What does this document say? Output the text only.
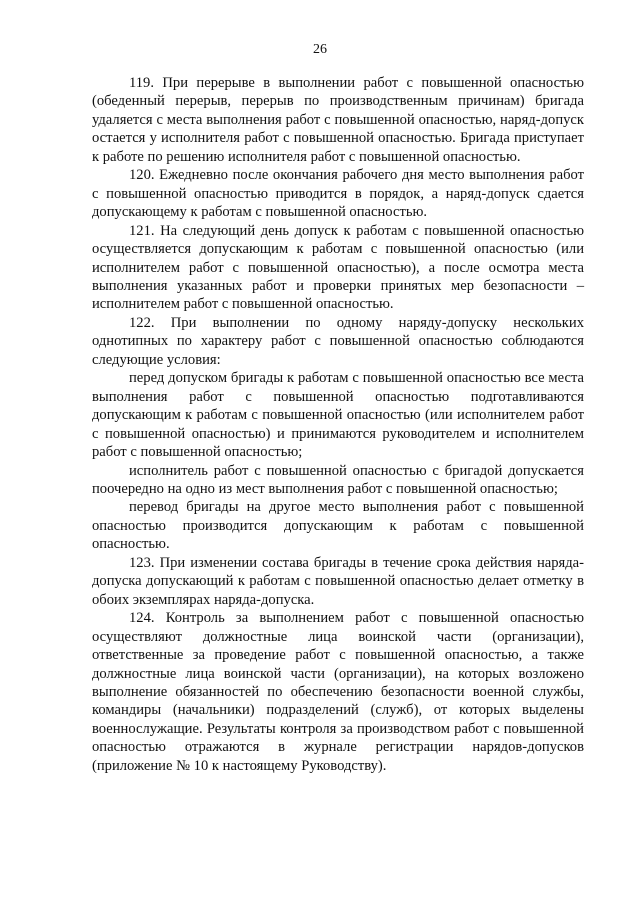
26

119. При перерыве в выполнении работ с повышенной опасностью (обеденный перерыв, перерыв по производственным причинам) бригада удаляется с места выполнения работ с повышенной опасностью, наряд-допуск остается у исполнителя работ с повышенной опасностью. Бригада приступает к работе по решению исполнителя работ с повышенной опасностью.

120. Ежедневно после окончания рабочего дня место выполнения работ с повышенной опасностью приводится в порядок, а наряд-допуск сдается допускающему к работам с повышенной опасностью.

121. На следующий день допуск к работам с повышенной опасностью осуществляется допускающим к работам с повышенной опасностью (или исполнителем работ с повышенной опасностью), а после осмотра места выполнения указанных работ и проверки принятых мер безопасности – исполнителем работ с повышенной опасностью.

122. При выполнении по одному наряду-допуску нескольких однотипных по характеру работ с повышенной опасностью соблюдаются следующие условия:

перед допуском бригады к работам с повышенной опасностью все места выполнения работ с повышенной опасностью подготавливаются допускающим к работам с повышенной опасностью (или исполнителем работ с повышенной опасностью) и принимаются руководителем и исполнителем работ с повышенной опасностью;

исполнитель работ с повышенной опасностью с бригадой допускается поочередно на одно из мест выполнения работ с повышенной опасностью;

перевод бригады на другое место выполнения работ с повышенной опасностью производится допускающим к работам с повышенной опасностью.

123. При изменении состава бригады в течение срока действия наряда-допуска допускающий к работам с повышенной опасностью делает отметку в обоих экземплярах наряда-допуска.

124. Контроль за выполнением работ с повышенной опасностью осуществляют должностные лица воинской части (организации), ответственные за проведение работ с повышенной опасностью, а также должностные лица воинской части (организации), на которых возложено выполнение обязанностей по обеспечению безопасности военной службы, командиры (начальники) подразделений (служб), от которых выделены военнослужащие. Результаты контроля за производством работ с повышенной опасностью отражаются в журнале регистрации нарядов-допусков (приложение № 10 к настоящему Руководству).
